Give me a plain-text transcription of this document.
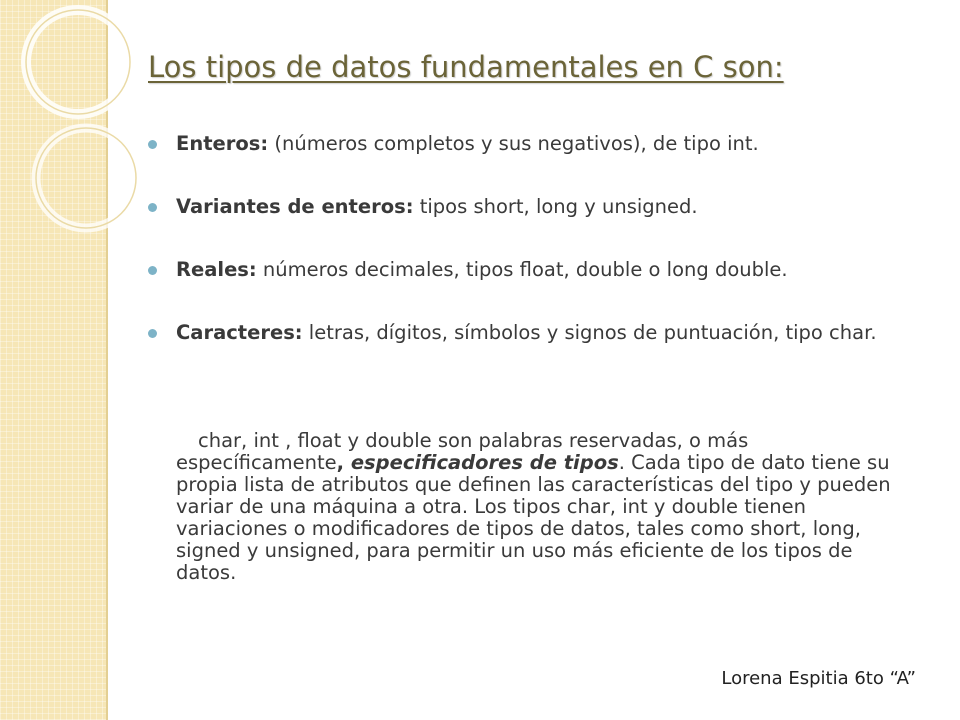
Los tipos de datos fundamentales en C son:
Enteros: (números completos y sus negativos), de tipo int.
Variantes de enteros: tipos short, long y unsigned.
Reales: números decimales, tipos float, double o long double.
Caracteres: letras, dígitos, símbolos y signos de puntuación, tipo char.

char, int , float y double son palabras reservadas, o más específicamente, especificadores de tipos. Cada tipo de dato tiene su propia lista de atributos que definen las características del tipo y pueden variar de una máquina a otra. Los tipos char, int y double tienen variaciones o modificadores de tipos de datos, tales como short, long, signed y unsigned, para permitir un uso más eficiente de los tipos de datos.

Lorena Espitia 6to “A”
